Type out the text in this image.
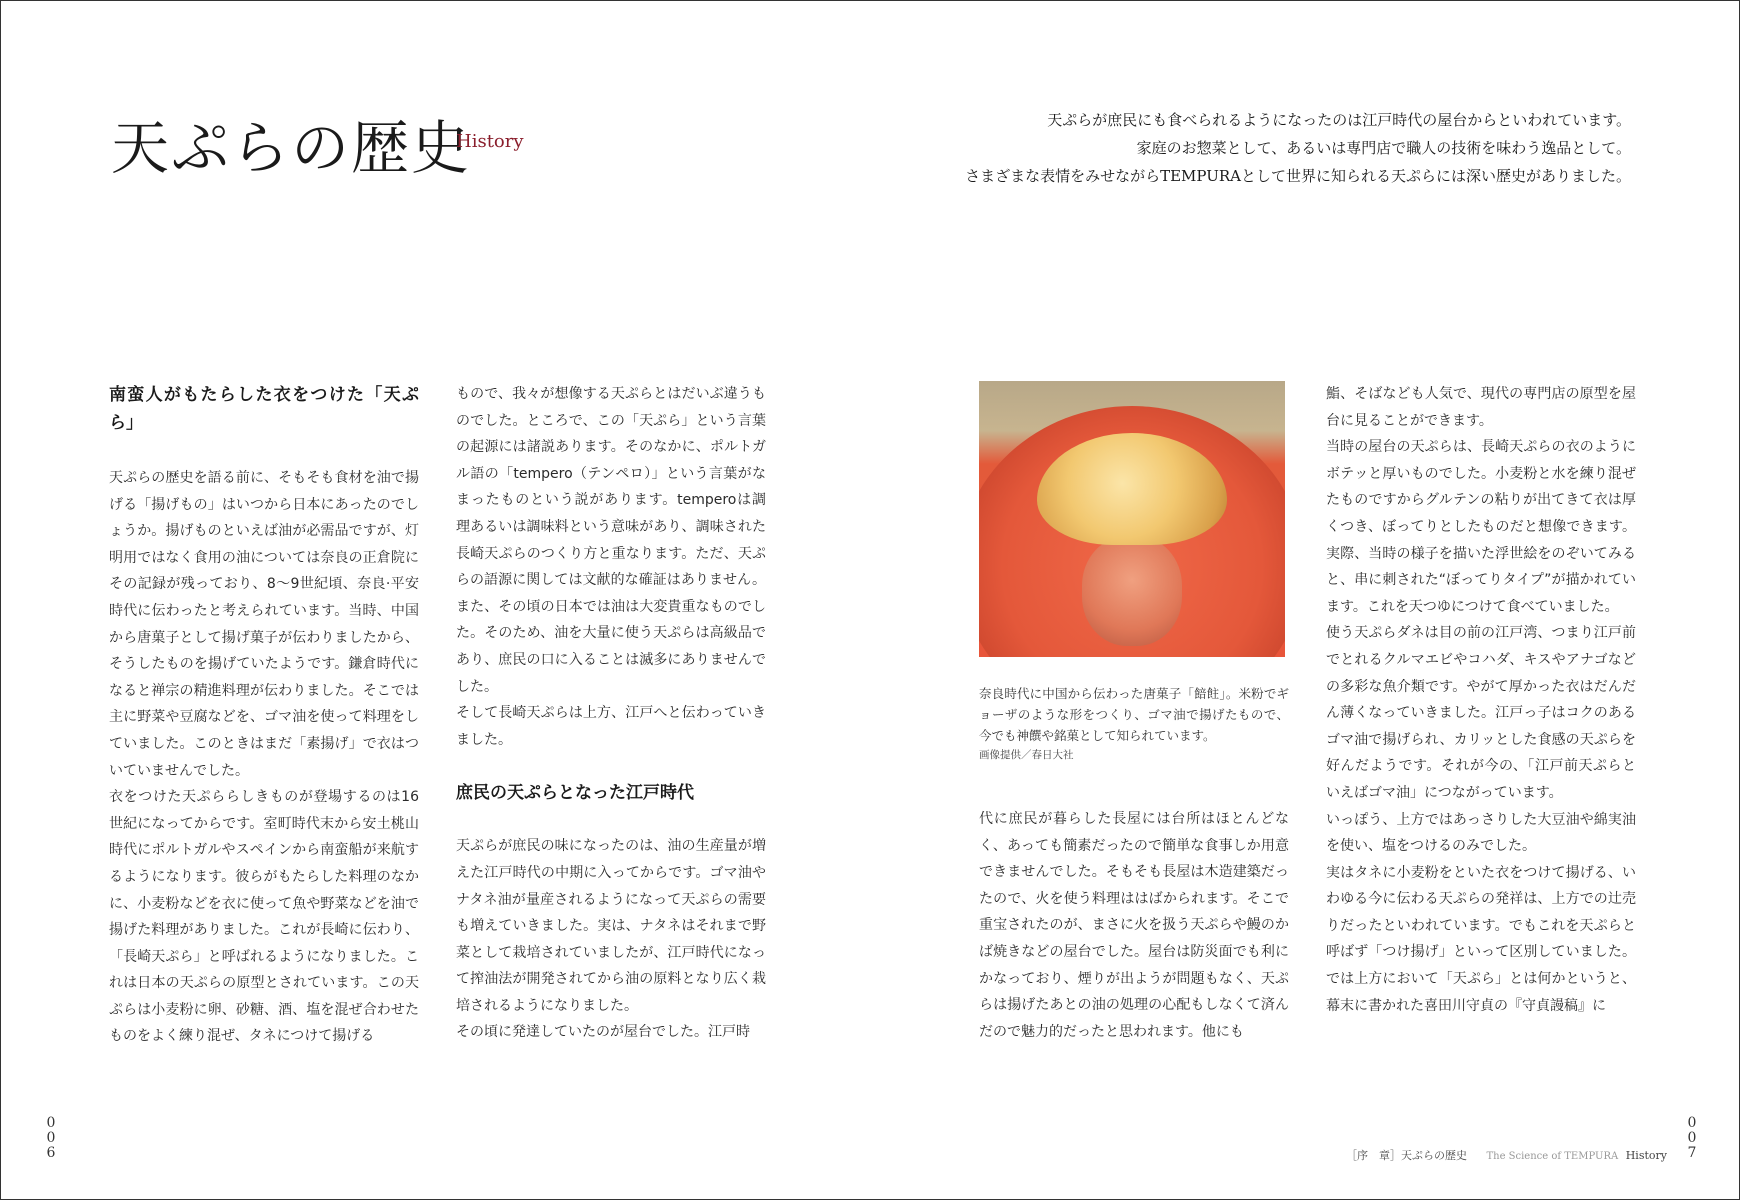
天ぷらの歴史
History

天ぷらが庶民にも食べられるようになったのは江戸時代の屋台からといわれています。

家庭のお惣菜として、あるいは専門店で職人の技術を味わう逸品として。

さまざまな表情をみせながらTEMPURAとして世界に知られる天ぷらには深い歴史がありました。

南蛮人がもたらした衣をつけた「天ぷら」

天ぷらの歴史を語る前に、そもそも食材を油で揚げる「揚げもの」はいつから日本にあったのでしょうか。揚げものといえば油が必需品ですが、灯明用ではなく食用の油については奈良の正倉院にその記録が残っており、8～9世紀頃、奈良·平安時代に伝わったと考えられています。当時、中国から唐菓子として揚げ菓子が伝わりましたから、そうしたものを揚げていたようです。鎌倉時代になると禅宗の精進料理が伝わりました。そこでは主に野菜や豆腐などを、ゴマ油を使って料理をしていました。このときはまだ「素揚げ」で衣はついていませんでした。

衣をつけた天ぷららしきものが登場するのは16世紀になってからです。室町時代末から安土桃山時代にポルトガルやスペインから南蛮船が来航するようになります。彼らがもたらした料理のなかに、小麦粉などを衣に使って魚や野菜などを油で揚げた料理がありました。これが長崎に伝わり、「長崎天ぷら」と呼ばれるようになりました。これは日本の天ぷらの原型とされています。この天ぷらは小麦粉に卵、砂糖、酒、塩を混ぜ合わせたものをよく練り混ぜ、タネにつけて揚げる

もので、我々が想像する天ぷらとはだいぶ違うものでした。ところで、この「天ぷら」という言葉の起源には諸説あります。そのなかに、ポルトガル語の「tempero（テンペロ）」という言葉がなまったものという説があります。temperoは調理あるいは調味料という意味があり、調味された長崎天ぷらのつくり方と重なります。ただ、天ぷらの語源に関しては文献的な確証はありません。また、その頃の日本では油は大変貴重なものでした。そのため、油を大量に使う天ぷらは高級品であり、庶民の口に入ることは滅多にありませんでした。

そして長崎天ぷらは上方、江戸へと伝わっていきました。

庶民の天ぷらとなった江戸時代

天ぷらが庶民の味になったのは、油の生産量が増えた江戸時代の中期に入ってからです。ゴマ油やナタネ油が量産されるようになって天ぷらの需要も増えていきました。実は、ナタネはそれまで野菜として栽培されていましたが、江戸時代になって搾油法が開発されてから油の原料となり広く栽培されるようになりました。

その頃に発達していたのが屋台でした。江戸時

奈良時代に中国から伝わった唐菓子「餢飳」。米粉でギョーザのような形をつくり、ゴマ油で揚げたもので、今でも神饌や銘菓として知られています。
画像提供／春日大社

代に庶民が暮らした長屋には台所はほとんどなく、あっても簡素だったので簡単な食事しか用意できませんでした。そもそも長屋は木造建築だったので、火を使う料理ははばかられます。そこで重宝されたのが、まさに火を扱う天ぷらや鰻のかば焼きなどの屋台でした。屋台は防災面でも利にかなっており、煙りが出ようが問題もなく、天ぷらは揚げたあとの油の処理の心配もしなくて済んだので魅力的だったと思われます。他にも

鮨、そばなども人気で、現代の専門店の原型を屋台に見ることができます。

当時の屋台の天ぷらは、長崎天ぷらの衣のようにボテッと厚いものでした。小麦粉と水を練り混ぜたものですからグルテンの粘りが出てきて衣は厚くつき、ぼってりとしたものだと想像できます。実際、当時の様子を描いた浮世絵をのぞいてみると、串に刺された“ぼってりタイプ”が描かれています。これを天つゆにつけて食べていました。

使う天ぷらダネは目の前の江戸湾、つまり江戸前でとれるクルマエビやコハダ、キスやアナゴなどの多彩な魚介類です。やがて厚かった衣はだんだん薄くなっていきました。江戸っ子はコクのあるゴマ油で揚げられ、カリッとした食感の天ぷらを好んだようです。それが今の、「江戸前天ぷらといえばゴマ油」につながっています。

いっぽう、上方ではあっさりした大豆油や綿実油を使い、塩をつけるのみでした。

実はタネに小麦粉をといた衣をつけて揚げる、いわゆる今に伝わる天ぷらの発祥は、上方での辻売りだったといわれています。でもこれを天ぷらと呼ばず「つけ揚げ」といって区別していました。では上方において「天ぷら」とは何かというと、幕末に書かれた喜田川守貞の『守貞謾稿』に

0
0
6
0
0
7
［序　章］天ぷらの歴史 The Science of TEMPURA History
